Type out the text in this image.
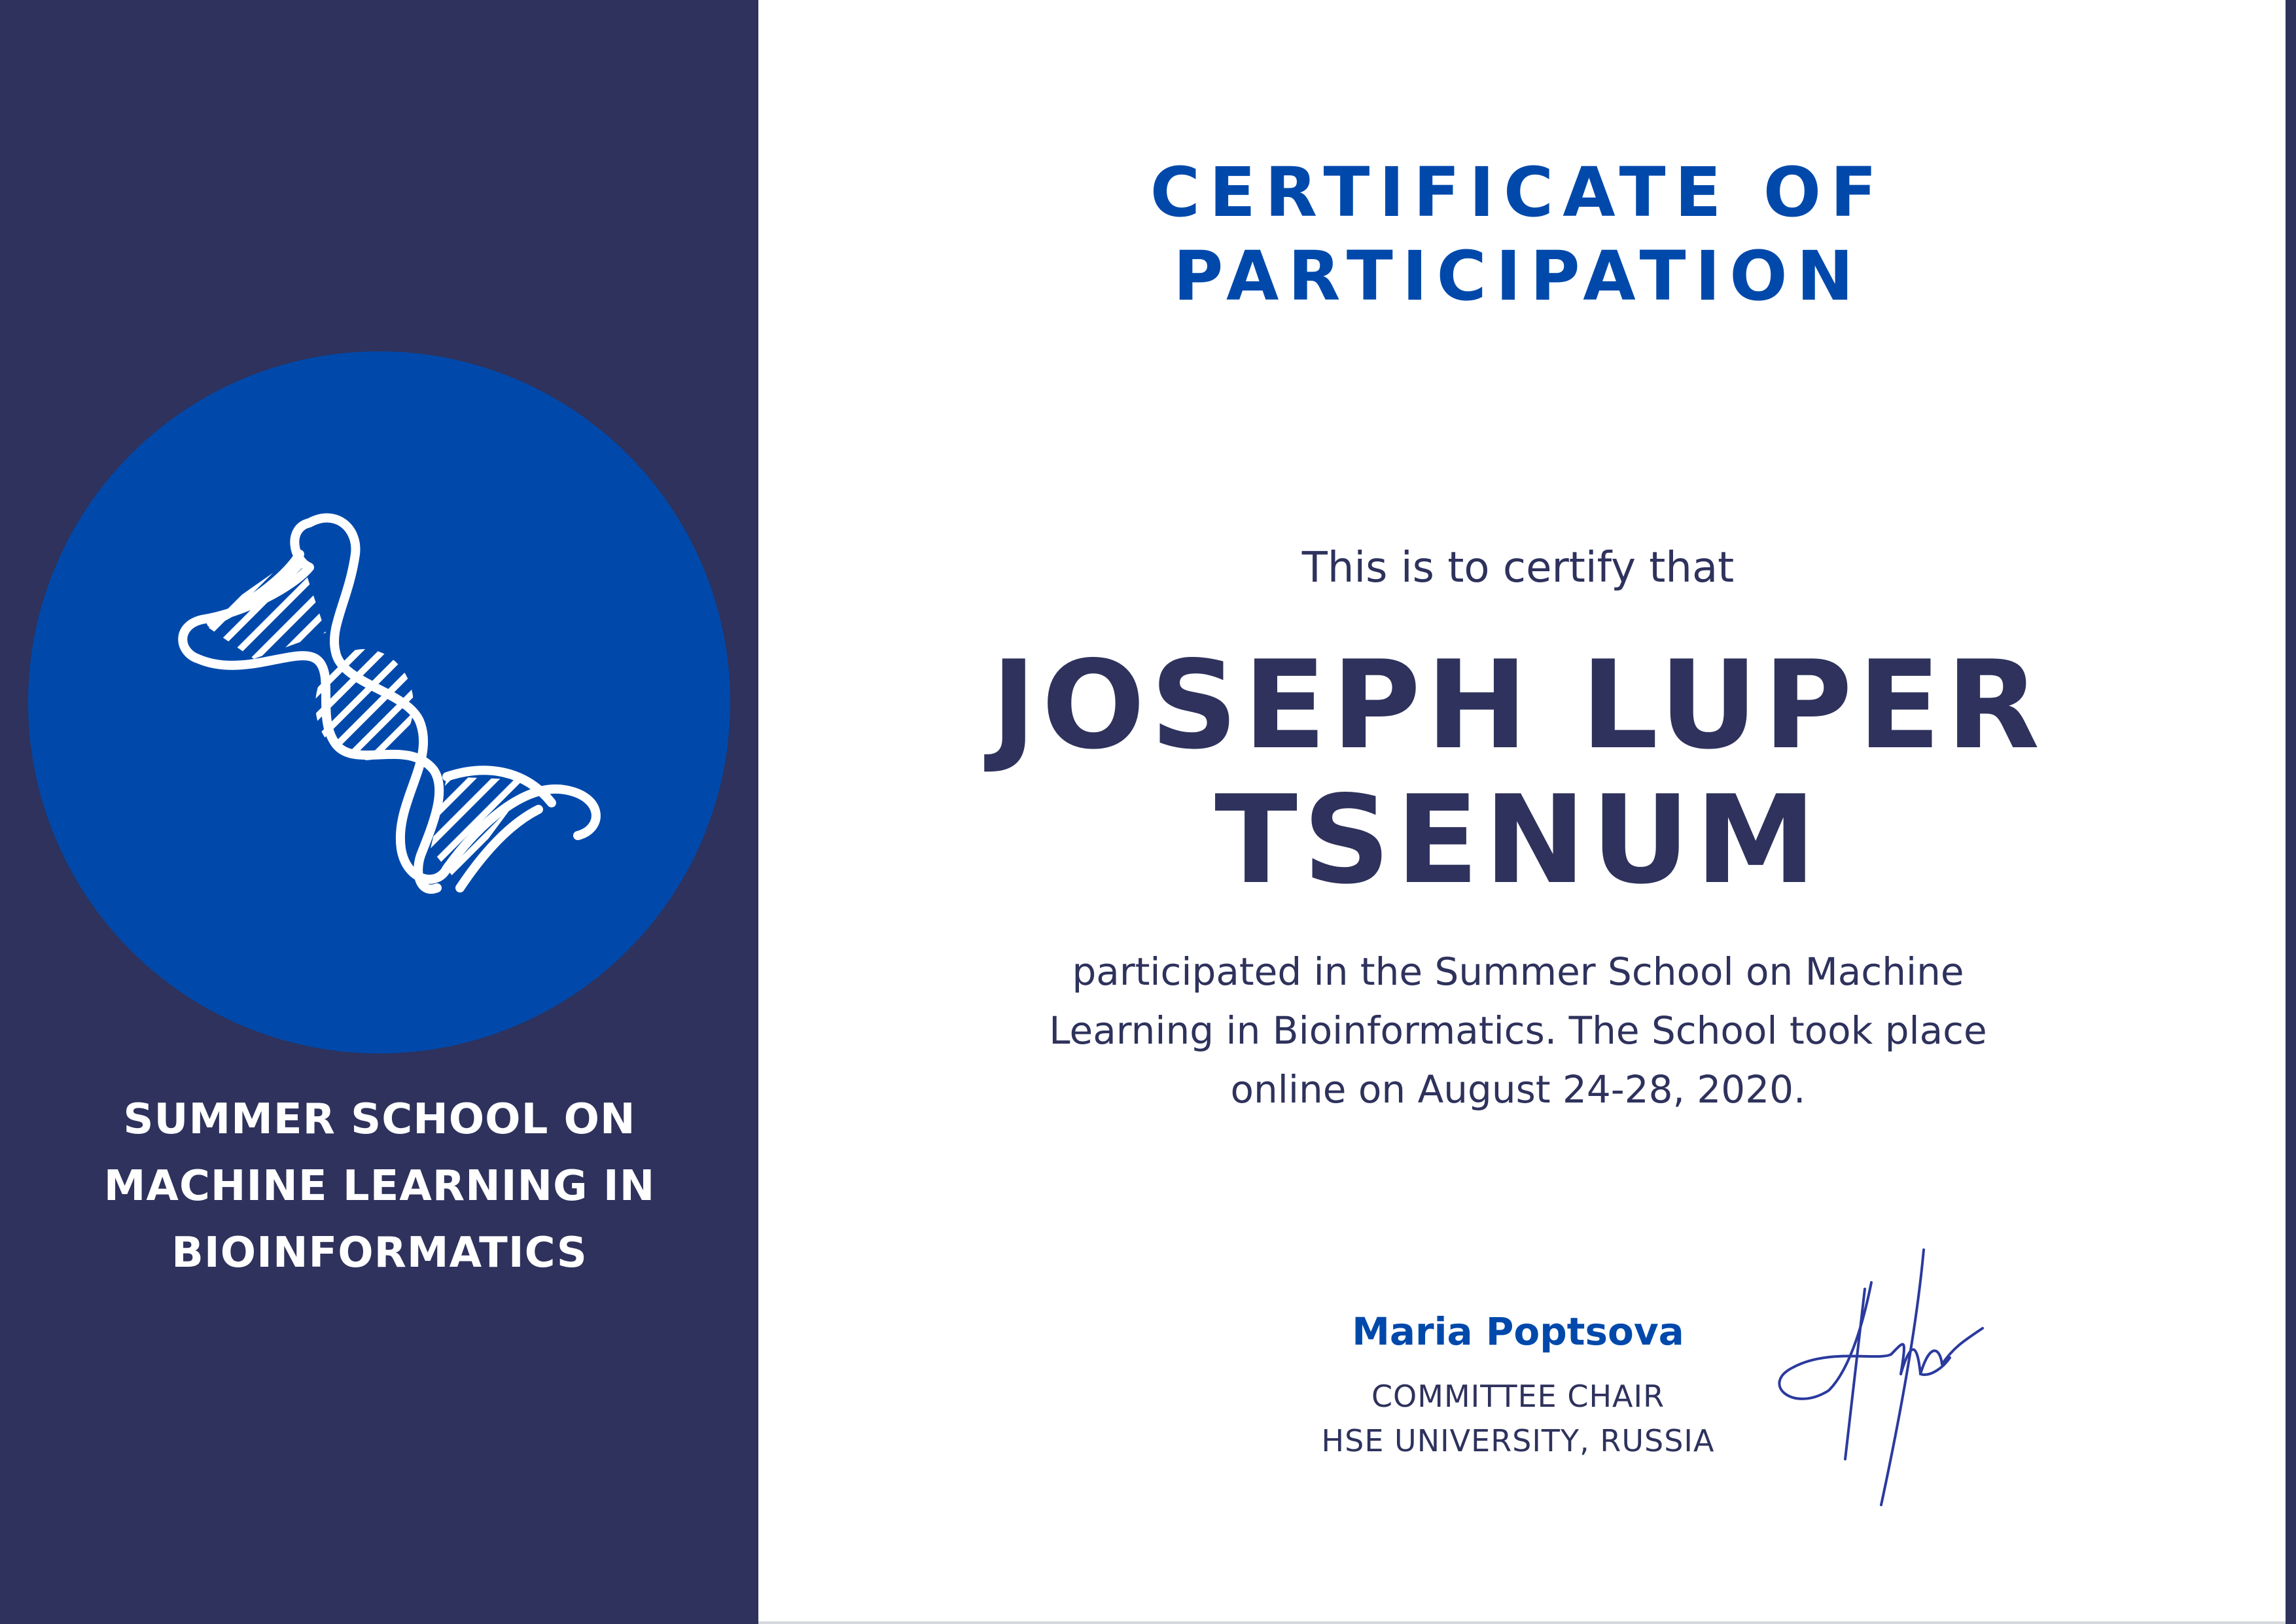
SUMMER SCHOOL ON
MACHINE LEARNING IN
BIOINFORMATICS
CERTIFICATE OF
PARTICIPATION
This is to certify that
JOSEPH LUPER
TSENUM
participated in the Summer School on Machine
Learning in Bioinformatics. The School took place
online on August 24-28, 2020.
Maria Poptsova
COMMITTEE CHAIR
HSE UNIVERSITY, RUSSIA
